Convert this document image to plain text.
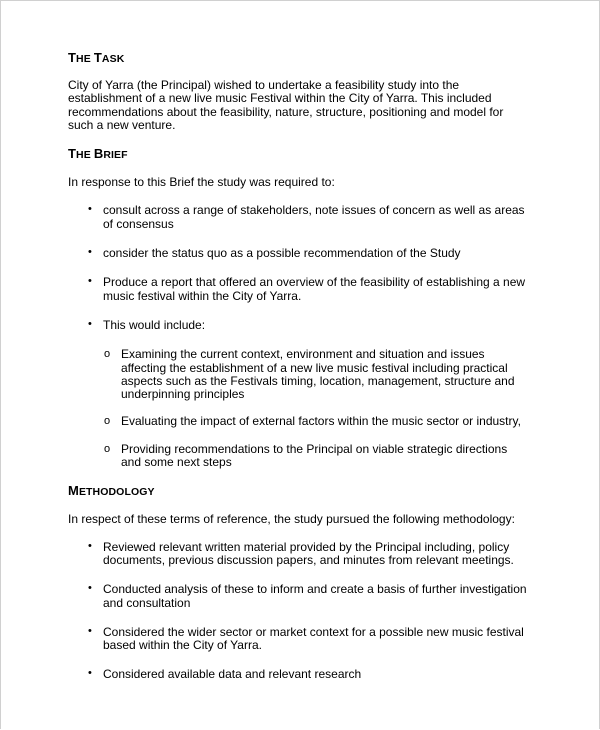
THE TASK

City of Yarra (the Principal) wished to undertake a feasibility study into the establishment of a new live music Festival within the City of Yarra. This included recommendations about the feasibility, nature, structure, positioning and model for such a new venture.

THE BRIEF

In response to this Brief the study was required to:

• consult across a range of stakeholders, note issues of concern as well as areas of consensus
• consider the status quo as a possible recommendation of the Study
• Produce a report that offered an overview of the feasibility of establishing a new music festival within the City of Yarra.
• This would include:
o Examining the current context, environment and situation and issues affecting the establishment of a new live music festival including practical aspects such as the Festivals timing, location, management, structure and underpinning principles
o Evaluating the impact of external factors within the music sector or industry,
o Providing recommendations to the Principal on viable strategic directions and some next steps
METHODOLOGY

In respect of these terms of reference, the study pursued the following methodology:

• Reviewed relevant written material provided by the Principal including, policy documents, previous discussion papers, and minutes from relevant meetings.
• Conducted analysis of these to inform and create a basis of further investigation and consultation
• Considered the wider sector or market context for a possible new music festival based within the City of Yarra.
• Considered available data and relevant research
